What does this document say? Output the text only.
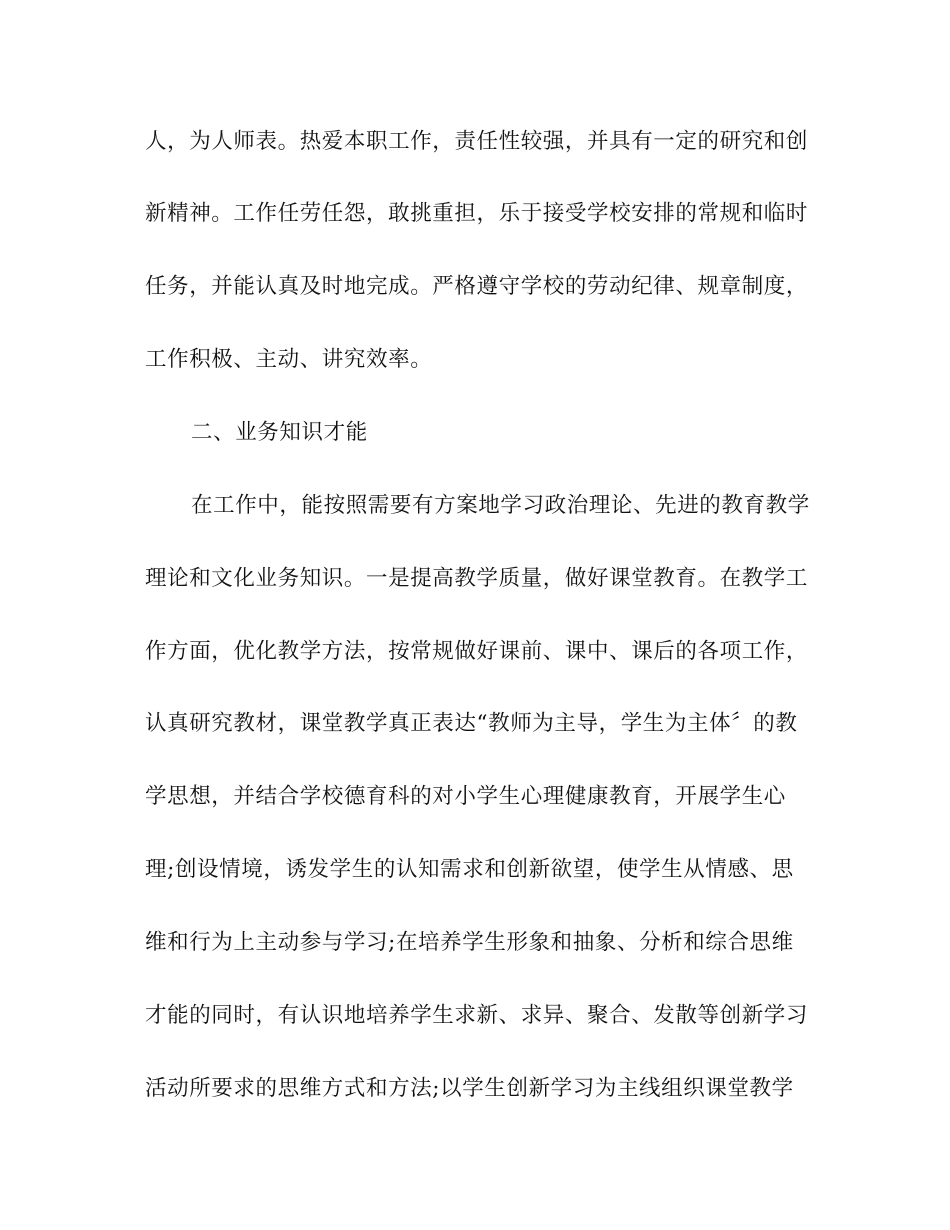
人，为人师表。热爱本职工作，责任性较强，并具有一定的研究和创
新精神。工作任劳任怨，敢挑重担，乐于接受学校安排的常规和临时
任务，并能认真及时地完成。严格遵守学校的劳动纪律、规章制度，
工作积极、主动、讲究效率。
二、业务知识才能
在工作中，能按照需要有方案地学习政治理论、先进的教育教学
理论和文化业务知识。一是提高教学质量，做好课堂教育。在教学工
作方面，优化教学方法，按常规做好课前、课中、课后的各项工作，
认真研究教材，课堂教学真正表达“教师为主导，学生为主体〞的教
学思想，并结合学校德育科的对小学生心理健康教育，开展学生心
理;创设情境，诱发学生的认知需求和创新欲望，使学生从情感、思
维和行为上主动参与学习;在培养学生形象和抽象、分析和综合思维
才能的同时，有认识地培养学生求新、求异、聚合、发散等创新学习
活动所要求的思维方式和方法;以学生创新学习为主线组织课堂教学
